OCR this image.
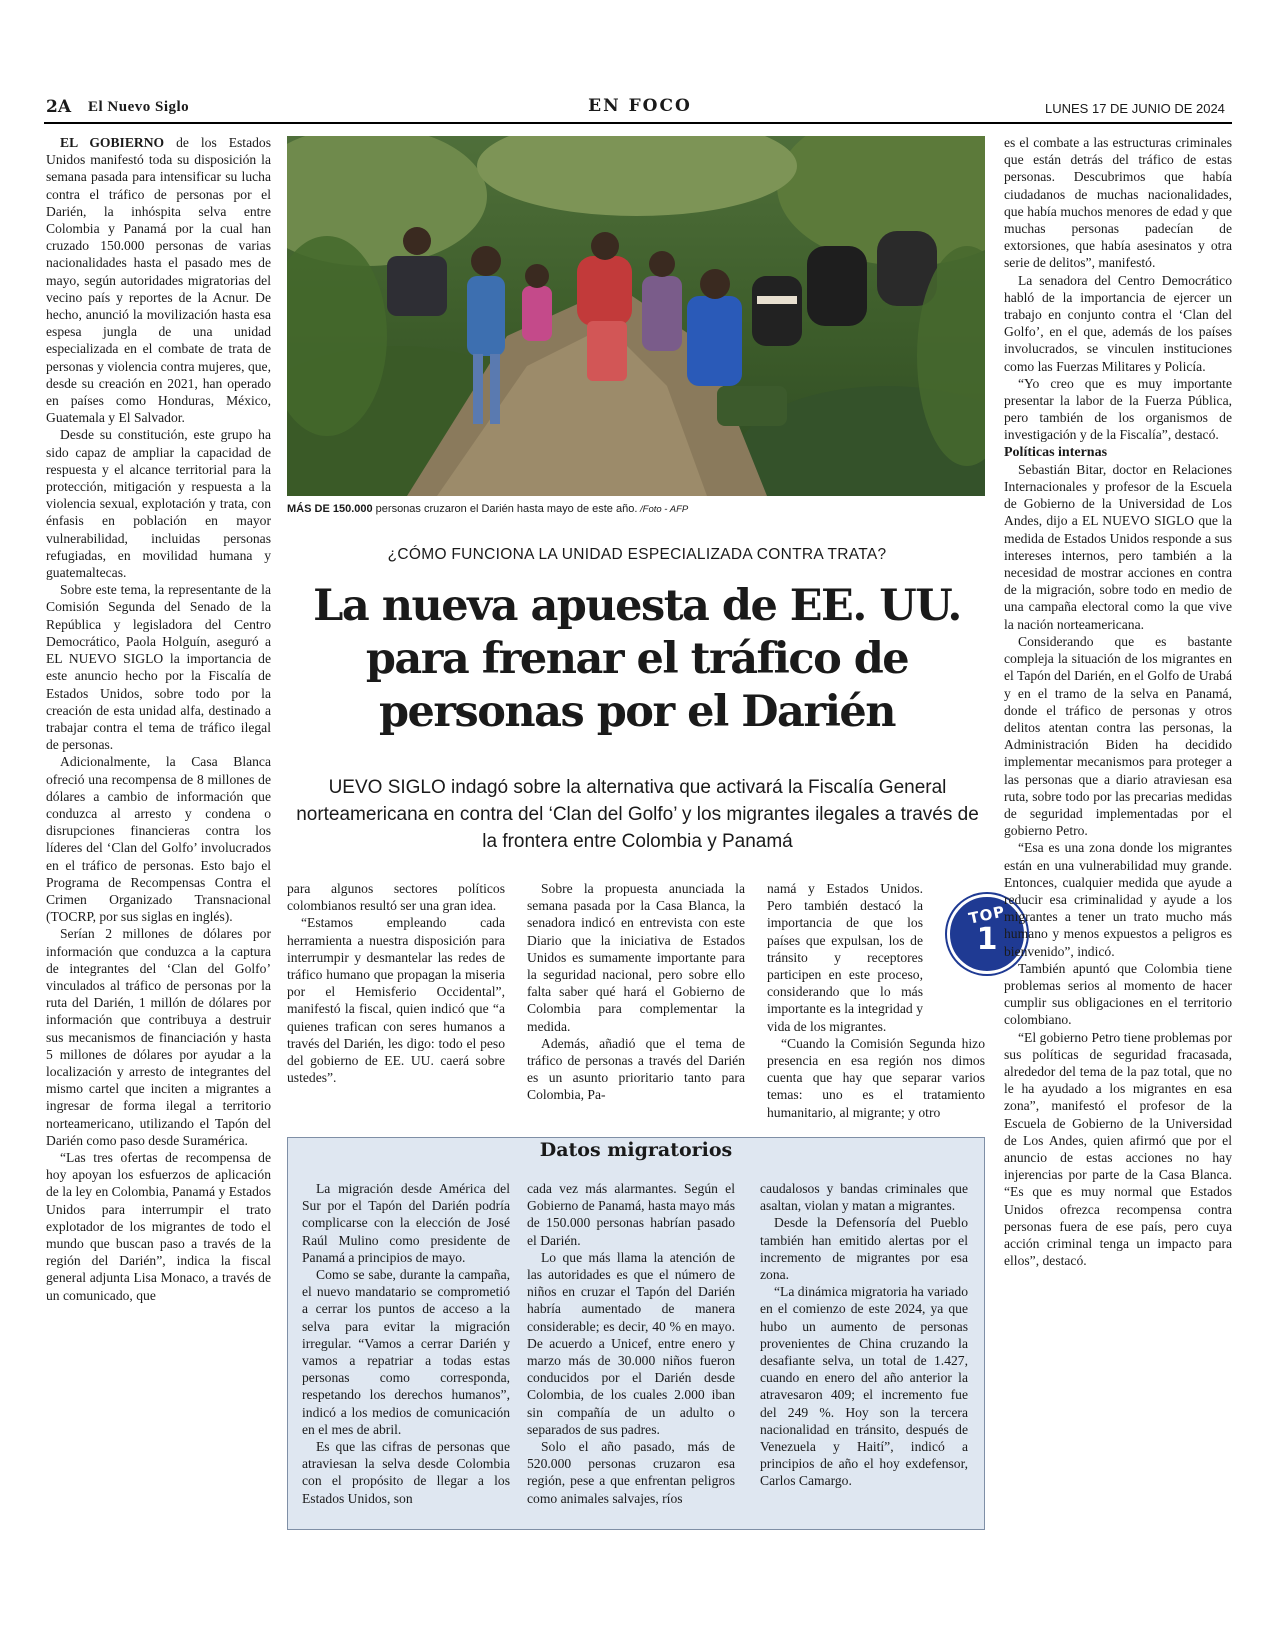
2A El Nuevo Siglo	EN FOCO	LUNES 17 DE JUNIO DE 2024

EL GOBIERNO de los Estados Unidos manifestó toda su disposición la semana pasada para intensificar su lucha contra el tráfico de personas por el Darién, la inhóspita selva entre Colombia y Panamá por la cual han cruzado 150.000 personas de varias nacionalidades hasta el pasado mes de mayo, según autoridades migratorias del vecino país y reportes de la Acnur. De hecho, anunció la movilización hasta esa espesa jungla de una unidad especializada en el combate de trata de personas y violencia contra mujeres, que, desde su creación en 2021, han operado en países como Honduras, México, Guatemala y El Salvador.

Desde su constitución, este grupo ha sido capaz de ampliar la capacidad de respuesta y el alcance territorial para la protección, mitigación y respuesta a la violencia sexual, explotación y trata, con énfasis en población en mayor vulnerabilidad, incluidas personas refugiadas, en movilidad humana y guatemaltecas.

Sobre este tema, la representante de la Comisión Segunda del Senado de la República y legisladora del Centro Democrático, Paola Holguín, aseguró a EL NUEVO SIGLO la importancia de este anuncio hecho por la Fiscalía de Estados Unidos, sobre todo por la creación de esta unidad alfa, destinado a trabajar contra el tema de tráfico ilegal de personas.

Adicionalmente, la Casa Blanca ofreció una recompensa de 8 millones de dólares a cambio de información que conduzca al arresto y condena o disrupciones financieras contra los líderes del ‘Clan del Golfo’ involucrados en el tráfico de personas. Esto bajo el Programa de Recompensas Contra el Crimen Organizado Transnacional (TOCRP, por sus siglas en inglés).

Serían 2 millones de dólares por información que conduzca a la captura de integrantes del ‘Clan del Golfo’ vinculados al tráfico de personas por la ruta del Darién, 1 millón de dólares por información que contribuya a destruir sus mecanismos de financiación y hasta 5 millones de dólares por ayudar a la localización y arresto de integrantes del mismo cartel que inciten a migrantes a ingresar de forma ilegal a territorio norteamericano, utilizando el Tapón del Darién como paso desde Suramérica.

“Las tres ofertas de recompensa de hoy apoyan los esfuerzos de aplicación de la ley en Colombia, Panamá y Estados Unidos para interrumpir el trato explotador de los migrantes de todo el mundo que buscan paso a través de la región del Darién”, indica la fiscal general adjunta Lisa Monaco, a través de un comunicado, que

MÁS DE 150.000 personas cruzaron el Darién hasta mayo de este año. /Foto - AFP
¿CÓMO FUNCIONA LA UNIDAD ESPECIALIZADA CONTRA TRATA?
La nueva apuesta de EE. UU. para frenar el tráfico de personas por el Darién

UEVO SIGLO indagó sobre la alternativa que activará la Fiscalía General norteamericana en contra del ‘Clan del Golfo’ y los migrantes ilegales a través de la frontera entre Colombia y Panamá

para algunos sectores políticos colombianos resultó ser una gran idea.

“Estamos empleando cada herramienta a nuestra disposición para interrumpir y desmantelar las redes de tráfico humano que propagan la miseria por el Hemisferio Occidental”, manifestó la fiscal, quien indicó que “a quienes trafican con seres humanos a través del Darién, les digo: todo el peso del gobierno de EE. UU. caerá sobre ustedes”.

Sobre la propuesta anunciada la semana pasada por la Casa Blanca, la senadora indicó en entrevista con este Diario que la iniciativa de Estados Unidos es sumamente importante para la seguridad nacional, pero sobre ello falta saber qué hará el Gobierno de Colombia para complementar la medida.

Además, añadió que el tema de tráfico de personas a través del Darién es un asunto prioritario tanto para Colombia, Pa-

namá y Estados Unidos. Pero también destacó la importancia de que los países que expulsan, los de tránsito y receptores participen en este proceso, considerando que lo más importante es la integridad y vida de los migrantes.

“Cuando la Comisión Segunda hizo presencia en esa región nos dimos cuenta que hay que separar varios temas: uno es el tratamiento humanitario, al migrante; y otro

TOP
1

es el combate a las estructuras criminales que están detrás del tráfico de estas personas. Descubrimos que había ciudadanos de muchas nacionalidades, que había muchos menores de edad y que muchas personas padecían de extorsiones, que había asesinatos y otra serie de delitos”, manifestó.

La senadora del Centro Democrático habló de la importancia de ejercer un trabajo en conjunto contra el ‘Clan del Golfo’, en el que, además de los países involucrados, se vinculen instituciones como las Fuerzas Militares y Policía.

“Yo creo que es muy importante presentar la labor de la Fuerza Pública, pero también de los organismos de investigación y de la Fiscalía”, destacó.

Políticas internas

Sebastián Bitar, doctor en Relaciones Internacionales y profesor de la Escuela de Gobierno de la Universidad de Los Andes, dijo a EL NUEVO SIGLO que la medida de Estados Unidos responde a sus intereses internos, pero también a la necesidad de mostrar acciones en contra de la migración, sobre todo en medio de una campaña electoral como la que vive la nación norteamericana.

Considerando que es bastante compleja la situación de los migrantes en el Tapón del Darién, en el Golfo de Urabá y en el tramo de la selva en Panamá, donde el tráfico de personas y otros delitos atentan contra las personas, la Administración Biden ha decidido implementar mecanismos para proteger a las personas que a diario atraviesan esa ruta, sobre todo por las precarias medidas de seguridad implementadas por el gobierno Petro.

“Esa es una zona donde los migrantes están en una vulnerabilidad muy grande. Entonces, cualquier medida que ayude a reducir esa criminalidad y ayude a los migrantes a tener un trato mucho más humano y menos expuestos a peligros es bienvenido”, indicó.

También apuntó que Colombia tiene problemas serios al momento de hacer cumplir sus obligaciones en el territorio colombiano.

“El gobierno Petro tiene problemas por sus políticas de seguridad fracasada, alrededor del tema de la paz total, que no le ha ayudado a los migrantes en esa zona”, manifestó el profesor de la Escuela de Gobierno de la Universidad de Los Andes, quien afirmó que por el anuncio de estas acciones no hay injerencias por parte de la Casa Blanca. “Es que es muy normal que Estados Unidos ofrezca recompensa contra personas fuera de ese país, pero cuya acción criminal tenga un impacto para ellos”, destacó.

Datos migratorios

La migración desde América del Sur por el Tapón del Darién podría complicarse con la elección de José Raúl Mulino como presidente de Panamá a principios de mayo.

Como se sabe, durante la campaña, el nuevo mandatario se comprometió a cerrar los puntos de acceso a la selva para evitar la migración irregular. “Vamos a cerrar Darién y vamos a repatriar a todas estas personas como corresponda, respetando los derechos humanos”, indicó a los medios de comunicación en el mes de abril.

Es que las cifras de personas que atraviesan la selva desde Colombia con el propósito de llegar a los Estados Unidos, son

cada vez más alarmantes. Según el Gobierno de Panamá, hasta mayo más de 150.000 personas habrían pasado el Darién.

Lo que más llama la atención de las autoridades es que el número de niños en cruzar el Tapón del Darién habría aumentado de manera considerable; es decir, 40 % en mayo. De acuerdo a Unicef, entre enero y marzo más de 30.000 niños fueron conducidos por el Darién desde Colombia, de los cuales 2.000 iban sin compañía de un adulto o separados de sus padres.

Solo el año pasado, más de 520.000 personas cruzaron esa región, pese a que enfrentan peligros como animales salvajes, ríos

caudalosos y bandas criminales que asaltan, violan y matan a migrantes.

Desde la Defensoría del Pueblo también han emitido alertas por el incremento de migrantes por esa zona.

“La dinámica migratoria ha variado en el comienzo de este 2024, ya que hubo un aumento de personas provenientes de China cruzando la desafiante selva, un total de 1.427, cuando en enero del año anterior la atravesaron 409; el incremento fue del 249 %. Hoy son la tercera nacionalidad en tránsito, después de Venezuela y Haití”, indicó a principios de año el hoy exdefensor, Carlos Camargo.
